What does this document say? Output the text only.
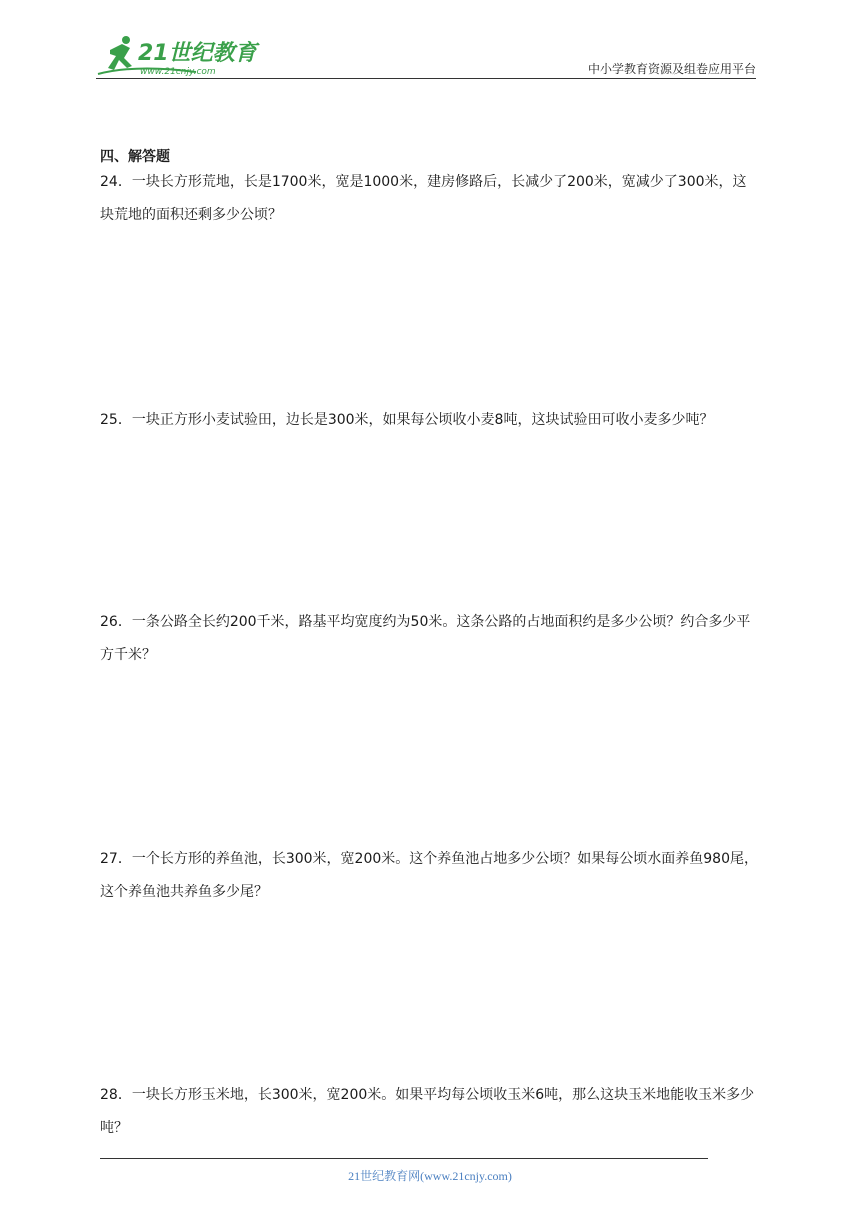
21世纪教育
www.21cnjy.com	中小学教育资源及组卷应用平台
四、解答题
24．一块长方形荒地，长是1700米，宽是1000米，建房修路后，长减少了200米，宽减少了300米，这块荒地的面积还剩多少公顷？
25．一块正方形小麦试验田，边长是300米，如果每公顷收小麦8吨，这块试验田可收小麦多少吨？
26．一条公路全长约200千米，路基平均宽度约为50米。这条公路的占地面积约是多少公顷？约合多少平方千米？
27．一个长方形的养鱼池，长300米，宽200米。这个养鱼池占地多少公顷？如果每公顷水面养鱼980尾，这个养鱼池共养鱼多少尾？
28．一块长方形玉米地，长300米，宽200米。如果平均每公顷收玉米6吨，那么这块玉米地能收玉米多少吨？
21世纪教育网(www.21cnjy.com)
